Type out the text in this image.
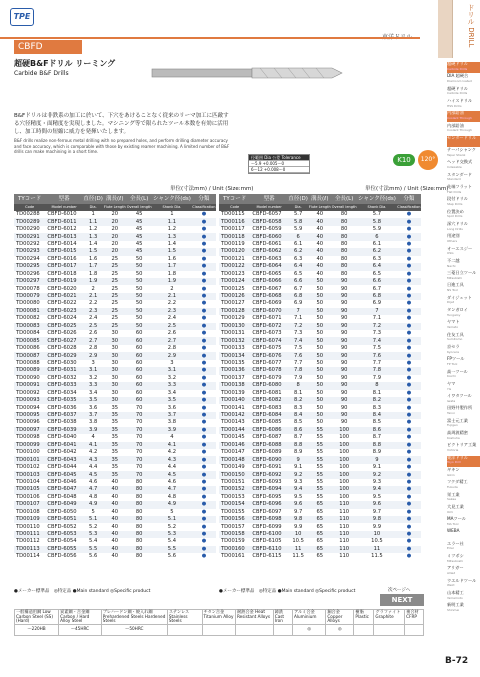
TPE
CBFD
超硬B&Fドリル リーミング
Carbide B&F Drills
B&Fドリルは非鉄系の加工に於いて、下穴をあけることなく従来のリーマ加工に匹敵する穴径精度・面精度を実現しました。マシニング等で限られたツール本数を有効に活用し、加工時間の短縮に威力を発揮いたします。
B&F drills realize non-ferrous metal drilling with no prepared holes, and perform drilling diameter accuracy and face accuracy, which is comparable with those by existing reamer machining. A limited number of B&F drills can make machining in a short time.
径範囲 Dia 公差 Tolerance
〜5.9 +0.005〜0
6〜12 +0.008〜0
K10	120°
単位(寸法mm) / Unit (Size:mm)	単位(寸法mm) / Unit (Size:mm)
TYコード	型番	直径(D)	溝長(ℓ)	全長(L)	シャンク径(ds)	分類
Code	Model number	Dia.	Flute Length	Overall length	Shank Dia.	Classification
TD00288	CBFD-6010	1	20	45	1	●
TD00289	CBFD-6011	1.1	20	45	1.1	●
TD00290	CBFD-6012	1.2	20	45	1.2	●
TD00291	CBFD-6013	1.3	20	45	1.3	●
TD00292	CBFD-6014	1.4	20	45	1.4	●
TD00293	CBFD-6015	1.5	20	45	1.5	●
TD00294	CBFD-6016	1.6	25	50	1.6	●
TD00295	CBFD-6017	1.7	25	50	1.7	●
TD00296	CBFD-6018	1.8	25	50	1.8	●
TD00297	CBFD-6019	1.9	25	50	1.9	●
TD00078	CBFD-6020	2	25	50	2	●
TD00079	CBFD-6021	2.1	25	50	2.1	●
TD00080	CBFD-6022	2.2	25	50	2.2	●
TD00081	CBFD-6023	2.3	25	50	2.3	●
TD00082	CBFD-6024	2.4	25	50	2.4	●
TD00083	CBFD-6025	2.5	25	50	2.5	●
TD00084	CBFD-6026	2.6	30	60	2.6	●
TD00085	CBFD-6027	2.7	30	60	2.7	●
TD00086	CBFD-6028	2.8	30	60	2.8	●
TD00087	CBFD-6029	2.9	30	60	2.9	●
TD00088	CBFD-6030	3	30	60	3	●
TD00089	CBFD-6031	3.1	30	60	3.1	●
TD00090	CBFD-6032	3.2	30	60	3.2	●
TD00091	CBFD-6033	3.3	30	60	3.3	●
TD00092	CBFD-6034	3.4	30	60	3.4	●
TD00093	CBFD-6035	3.5	30	60	3.5	●
TD00094	CBFD-6036	3.6	35	70	3.6	●
TD00095	CBFD-6037	3.7	35	70	3.7	●
TD00096	CBFD-6038	3.8	35	70	3.8	●
TD00097	CBFD-6039	3.9	35	70	3.9	●
TD00098	CBFD-6040	4	35	70	4	●
TD00099	CBFD-6041	4.1	35	70	4.1	●
TD00100	CBFD-6042	4.2	35	70	4.2	●
TD00101	CBFD-6043	4.3	35	70	4.3	●
TD00102	CBFD-6044	4.4	35	70	4.4	●
TD00103	CBFD-6045	4.5	35	70	4.5	●
TD00104	CBFD-6046	4.6	40	80	4.6	●
TD00105	CBFD-6047	4.7	40	80	4.7	●
TD00106	CBFD-6048	4.8	40	80	4.8	●
TD00107	CBFD-6049	4.9	40	80	4.9	●
TD00108	CBFD-6050	5	40	80	5	●
TD00109	CBFD-6051	5.1	40	80	5.1	●
TD00110	CBFD-6052	5.2	40	80	5.2	●
TD00111	CBFD-6053	5.3	40	80	5.3	●
TD00112	CBFD-6054	5.4	40	80	5.4	●
TD00113	CBFD-6055	5.5	40	80	5.5	●
TD00114	CBFD-6056	5.6	40	80	5.6	●
TYコード	型番	直径(D)	溝長(ℓ)	全長(L)	シャンク径(ds)	分類
Code	Model number	Dia.	Flute Length	Overall length	Shank Dia.	Classification
TD00115	CBFD-6057	5.7	40	80	5.7	●
TD00116	CBFD-6058	5.8	40	80	5.8	●
TD00117	CBFD-6059	5.9	40	80	5.9	●
TD00118	CBFD-6060	6	40	80	6	●
TD00119	CBFD-6061	6.1	40	80	6.1	●
TD00120	CBFD-6062	6.2	40	80	6.2	●
TD00121	CBFD-6063	6.3	40	80	6.3	●
TD00122	CBFD-6064	6.4	40	80	6.4	●
TD00123	CBFD-6065	6.5	40	80	6.5	●
TD00124	CBFD-6066	6.6	50	90	6.6	●
TD00125	CBFD-6067	6.7	50	90	6.7	●
TD00126	CBFD-6068	6.8	50	90	6.8	●
TD00127	CBFD-6069	6.9	50	90	6.9	●
TD00128	CBFD-6070	7	50	90	7	●
TD00129	CBFD-6071	7.1	50	90	7.1	●
TD00130	CBFD-6072	7.2	50	90	7.2	●
TD00131	CBFD-6073	7.3	50	90	7.3	●
TD00132	CBFD-6074	7.4	50	90	7.4	●
TD00133	CBFD-6075	7.5	50	90	7.5	●
TD00134	CBFD-6076	7.6	50	90	7.6	●
TD00135	CBFD-6077	7.7	50	90	7.7	●
TD00136	CBFD-6078	7.8	50	90	7.8	●
TD00137	CBFD-6079	7.9	50	90	7.9	●
TD00138	CBFD-6080	8	50	90	8	●
TD00139	CBFD-6081	8.1	50	90	8.1	●
TD00140	CBFD-6082	8.2	50	90	8.2	●
TD00141	CBFD-6083	8.3	50	90	8.3	●
TD00142	CBFD-6084	8.4	50	90	8.4	●
TD00143	CBFD-6085	8.5	50	90	8.5	●
TD00144	CBFD-6086	8.6	55	100	8.6	●
TD00145	CBFD-6087	8.7	55	100	8.7	●
TD00146	CBFD-6088	8.8	55	100	8.8	●
TD00147	CBFD-6089	8.9	55	100	8.9	●
TD00148	CBFD-6090	9	55	100	9	●
TD00149	CBFD-6091	9.1	55	100	9.1	●
TD00150	CBFD-6092	9.2	55	100	9.2	●
TD00151	CBFD-6093	9.3	55	100	9.3	●
TD00152	CBFD-6094	9.4	55	100	9.4	●
TD00153	CBFD-6095	9.5	55	100	9.5	●
TD00154	CBFD-6096	9.6	65	110	9.6	●
TD00155	CBFD-6097	9.7	65	110	9.7	●
TD00156	CBFD-6098	9.8	65	110	9.8	●
TD00157	CBFD-6099	9.9	65	110	9.9	●
TD00158	CBFD-6100	10	65	110	10	●
TD00159	CBFD-6105	10.5	65	110	10.5	●
TD00160	CBFD-6110	11	65	110	11	●
TD00161	CBFD-6115	11.5	65	110	11.5	●
●メーカー標準品　◎特定品 ●Main standard ◎Specific product	●メーカー標準品　◎特定品 ●Main standard ◎Specific product	次ページへ
NEXT
一般構造用鋼 Low Carbon Steel (SS) (Hard)	炭素鋼・合金鋼 Carbon / Hard Alloy Steel	プレハードン鋼・焼入れ鋼 Prehardened Steels Hardened Steels	ステンレス Stainless Steels	チタン合金 Titanium Alloy	耐熱合金 Heat Resistant Alloys	鋳鉄 Cast Iron	アルミ合金 Aluminium	銅合金 Copper Alloys	樹脂 Plastic	グラファイト Graphite	複合材 CFRP
〜220HB	〜45HRC	〜50HRC					◎	◎			
B-72
ドリル DRILL
超硬ドリル
Carbide Drills
DIA 超硬合
Diamond coated
超硬ドリル
Carbide Drills
ハイスドリル
HSS Drills
内部給油
Coolant Through
内部給油
Coolant Through
センタードリル
テーパシャンク
Taper Shank
ヘッド交換式
Indexable
スタンダード
Standard
先端フラット
Flat Drills
段付ドリル
Step Drills
位置決め
Spot Drills
深穴ドリル
Long Drills
用途別
Others
オーエスジー
OSG
不二越
Nachi
三菱日立ツール
Mitsubishi
日進工具
NS Tool
ダイジェット
Dijet
タンガロイ
Tungaloy
ヤマト
Yamato
住友工具
Sumitomo
京セラ
Kyocera
FPツール
FP Tool
高一ツール
Koichi
ヤマ
YG
イワタツール
Iwata
田野井製作所
Tanoi
富士元工業
Fujigen
高周波精密
Koshuha
ビクトリア工業
Victoria
東洋ドリル
Toyo Drill
ギキン
Gikin
フクダ精工
Fukuda
栄工業
Sakae
大見工業
Omi
MAツール
MA Tool
WEBA
エラー社
Erler
ミツボシ
Mitsuboshi
アリガー
Allied
ウエルドツール
Weld
山本精工
Yamamoto
新明工業
Shinmei
